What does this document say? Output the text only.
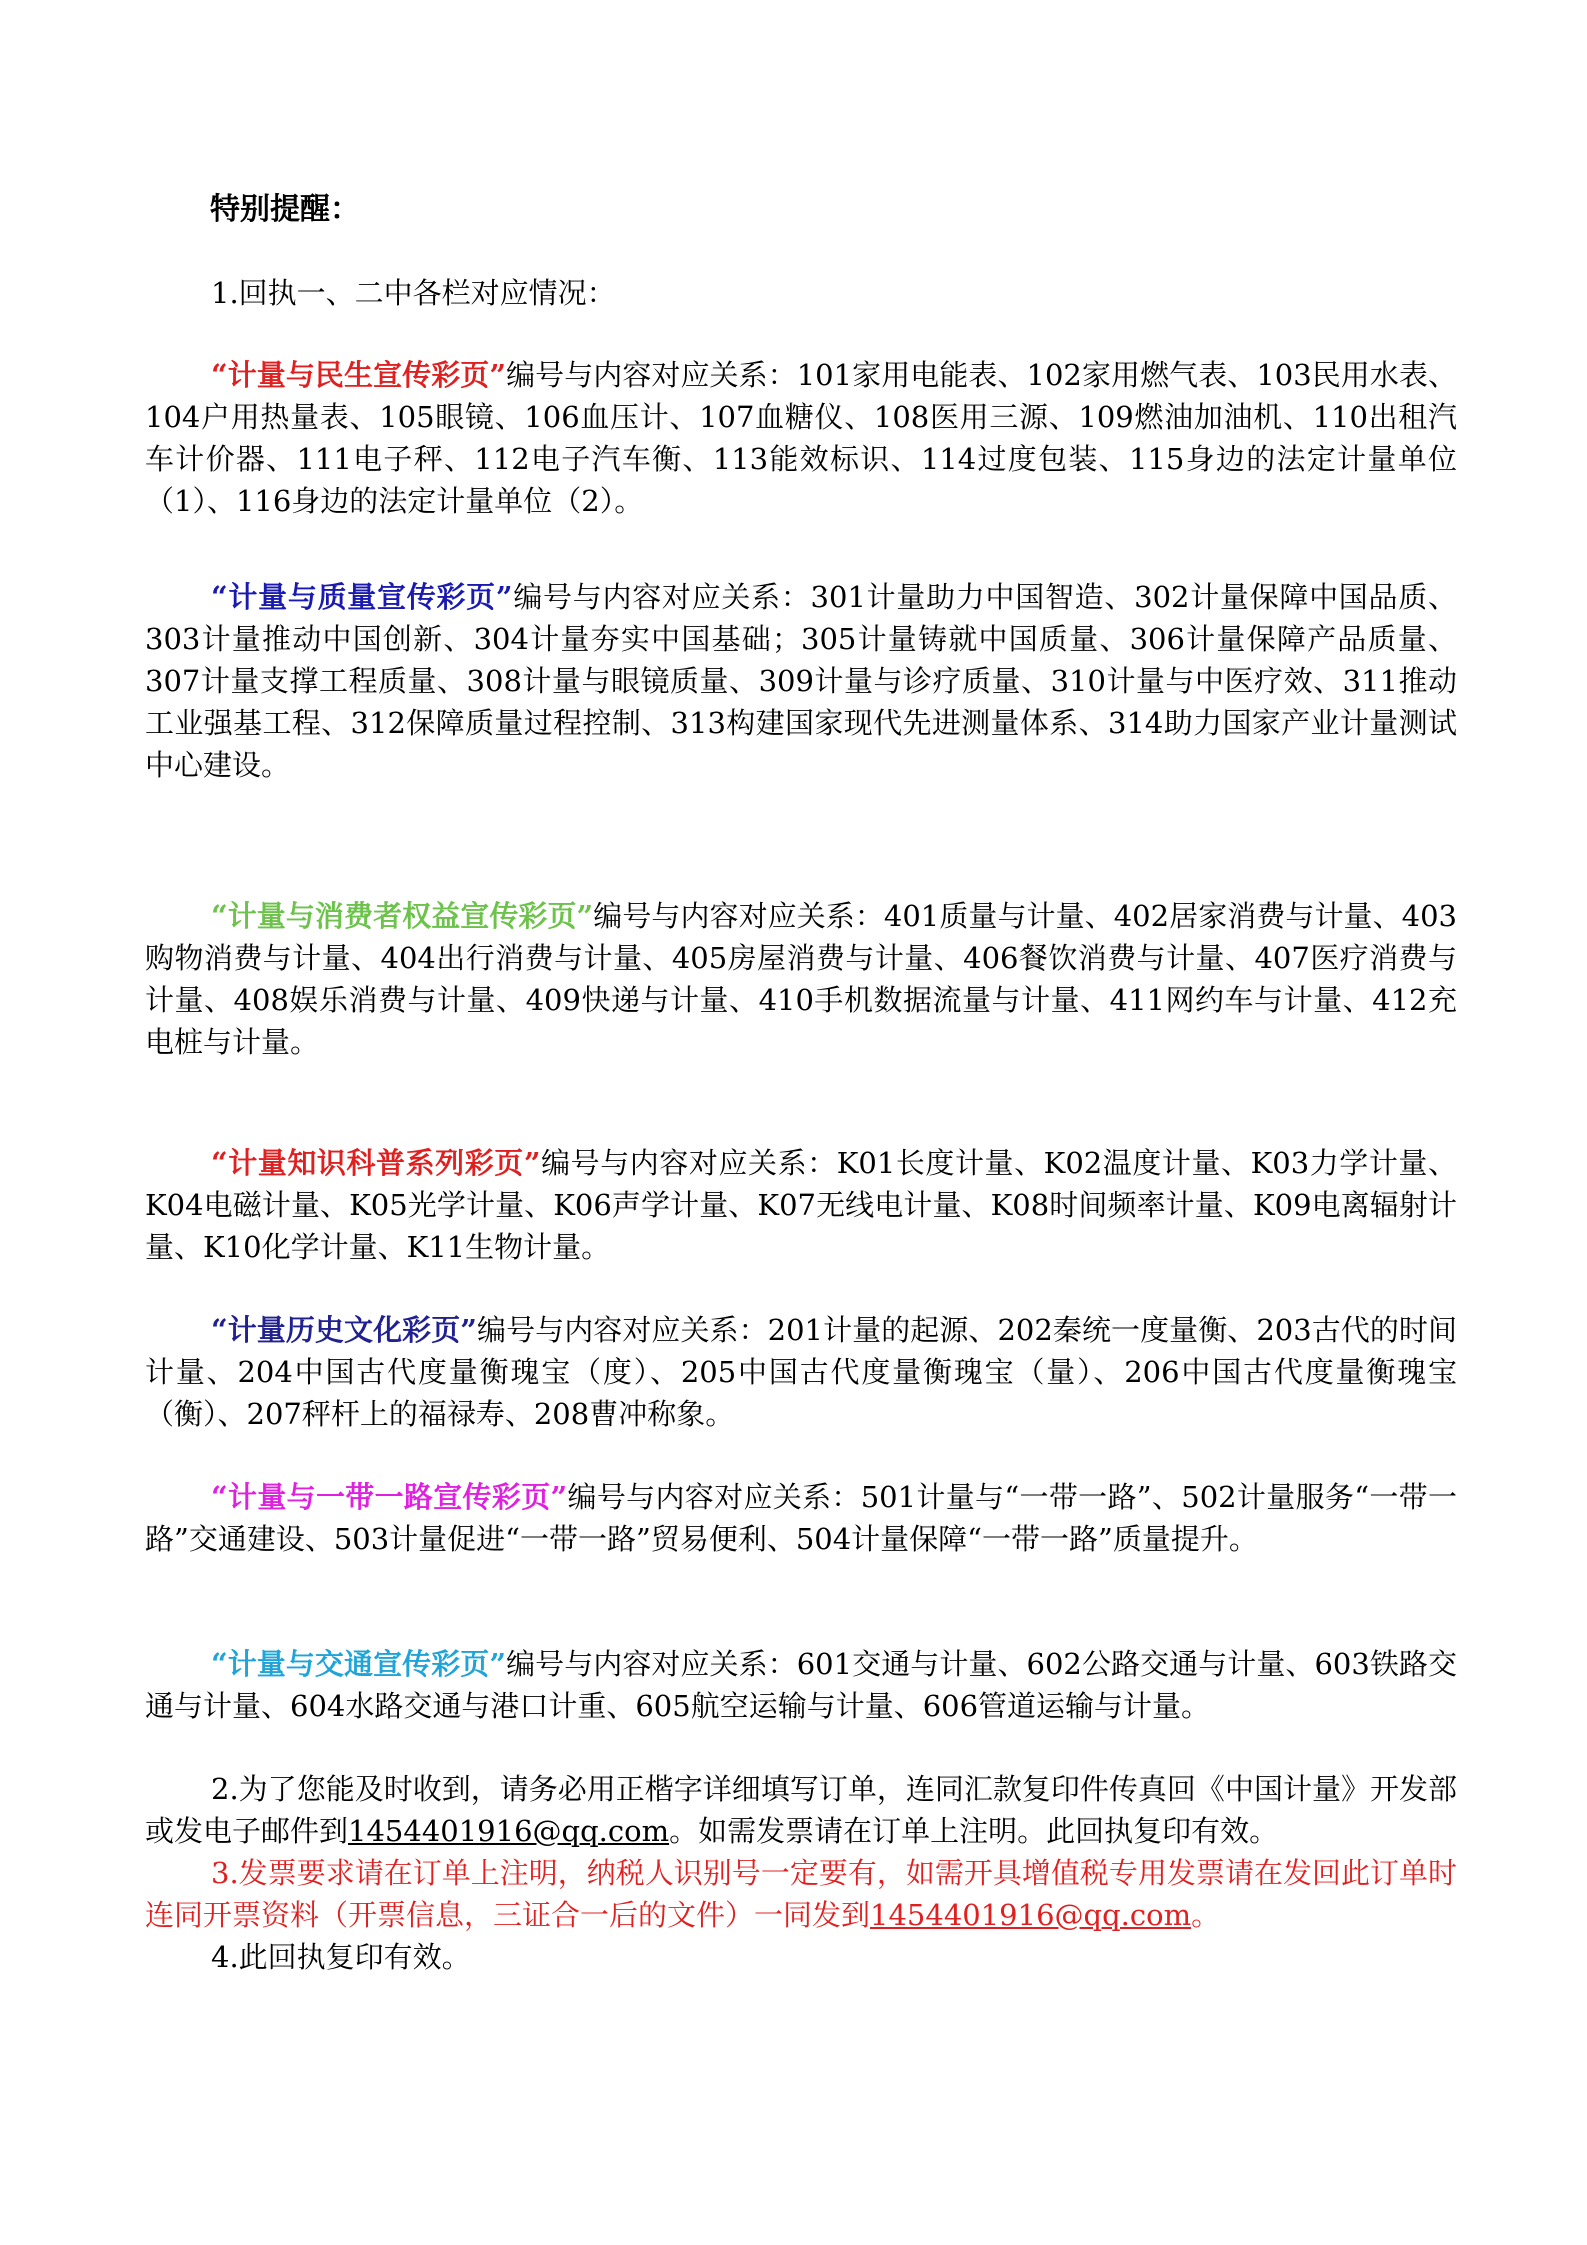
特别提醒：

1.回执一、二中各栏对应情况：

“计量与民生宣传彩页”编号与内容对应关系：101家用电能表、102家用燃气表、103民用水表、104户用热量表、105眼镜、106血压计、107血糖仪、108医用三源、109燃油加油机、110出租汽车计价器、111电子秤、112电子汽车衡、113能效标识、114过度包装、115身边的法定计量单位（1）、116身边的法定计量单位（2）。

“计量与质量宣传彩页”编号与内容对应关系：301计量助力中国智造、302计量保障中国品质、303计量推动中国创新、304计量夯实中国基础；305计量铸就中国质量、306计量保障产品质量、307计量支撑工程质量、308计量与眼镜质量、309计量与诊疗质量、310计量与中医疗效、311推动工业强基工程、312保障质量过程控制、313构建国家现代先进测量体系、314助力国家产业计量测试中心建设。

“计量与消费者权益宣传彩页”编号与内容对应关系：401质量与计量、402居家消费与计量、403购物消费与计量、404出行消费与计量、405房屋消费与计量、406餐饮消费与计量、407医疗消费与计量、408娱乐消费与计量、409快递与计量、410手机数据流量与计量、411网约车与计量、412充电桩与计量。

“计量知识科普系列彩页”编号与内容对应关系：K01长度计量、K02温度计量、K03力学计量、K04电磁计量、K05光学计量、K06声学计量、K07无线电计量、K08时间频率计量、K09电离辐射计量、K10化学计量、K11生物计量。

“计量历史文化彩页”编号与内容对应关系：201计量的起源、202秦统一度量衡、203古代的时间计量、204中国古代度量衡瑰宝（度）、205中国古代度量衡瑰宝（量）、206中国古代度量衡瑰宝（衡）、207秤杆上的福禄寿、208曹冲称象。

“计量与一带一路宣传彩页”编号与内容对应关系：501计量与“一带一路”、502计量服务“一带一路”交通建设、503计量促进“一带一路”贸易便利、504计量保障“一带一路”质量提升。

“计量与交通宣传彩页”编号与内容对应关系：601交通与计量、602公路交通与计量、603铁路交通与计量、604水路交通与港口计重、605航空运输与计量、606管道运输与计量。

2.为了您能及时收到，请务必用正楷字详细填写订单，连同汇款复印件传真回《中国计量》开发部或发电子邮件到1454401916@qq.com。如需发票请在订单上注明。此回执复印有效。

3.发票要求请在订单上注明，纳税人识别号一定要有，如需开具增值税专用发票请在发回此订单时连同开票资料（开票信息，三证合一后的文件）一同发到1454401916@qq.com。

4.此回执复印有效。
